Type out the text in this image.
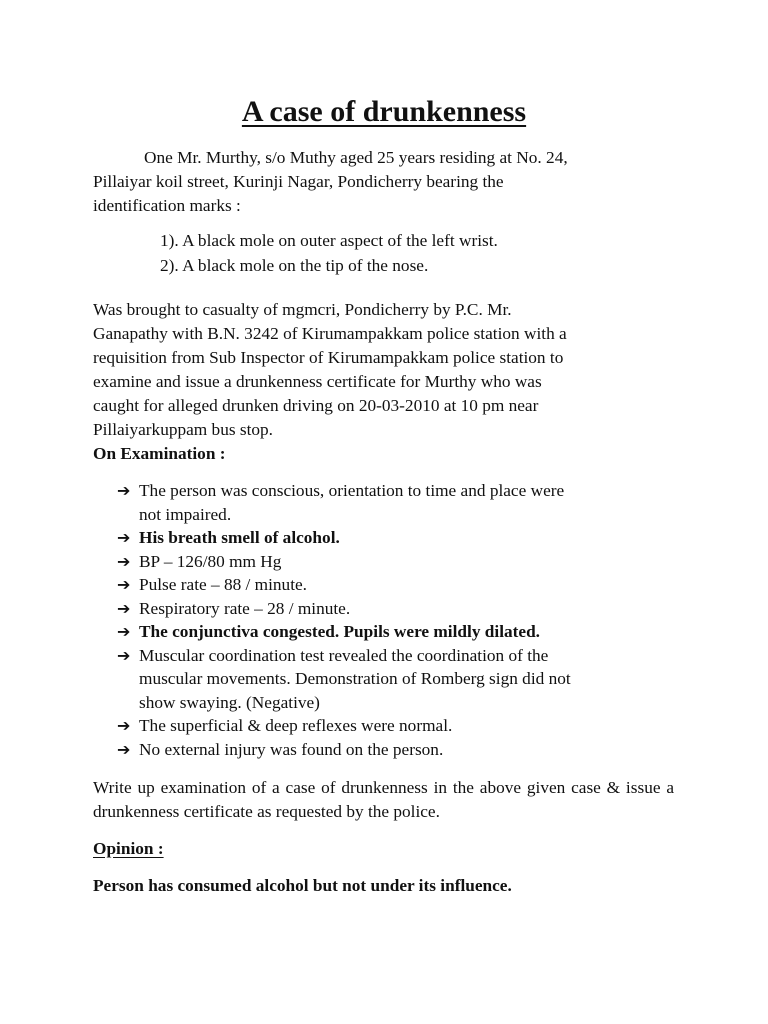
A case of drunkenness
One Mr. Murthy, s/o Muthy aged 25 years residing at No. 24,
Pillaiyar koil street, Kurinji Nagar, Pondicherry bearing the
identification marks :
1). A black mole on outer aspect of the left wrist.
2). A black mole on the tip of the nose.
Was brought to casualty of mgmcri, Pondicherry by P.C. Mr.
Ganapathy with B.N. 3242 of Kirumampakkam police station with a
requisition from Sub Inspector of Kirumampakkam police station to
examine and issue a drunkenness certificate for Murthy who was
caught for alleged drunken driving on 20-03-2010 at 10 pm near
Pillaiyarkuppam bus stop.
On Examination :
➔ The person was conscious, orientation to time and place were
not impaired.
➔ His breath smell of alcohol.
➔ BP – 126/80 mm Hg
➔ Pulse rate – 88 / minute.
➔ Respiratory rate – 28 / minute.
➔ The conjunctiva congested. Pupils were mildly dilated.
➔ Muscular coordination test revealed the coordination of the
muscular movements. Demonstration of Romberg sign did not
show swaying. (Negative)
➔ The superficial & deep reflexes were normal.
➔ No external injury was found on the person.
Write up examination of a case of drunkenness in the above given case & issue a drunkenness certificate as requested by the police.
Opinion :
Person has consumed alcohol but not under its influence.
